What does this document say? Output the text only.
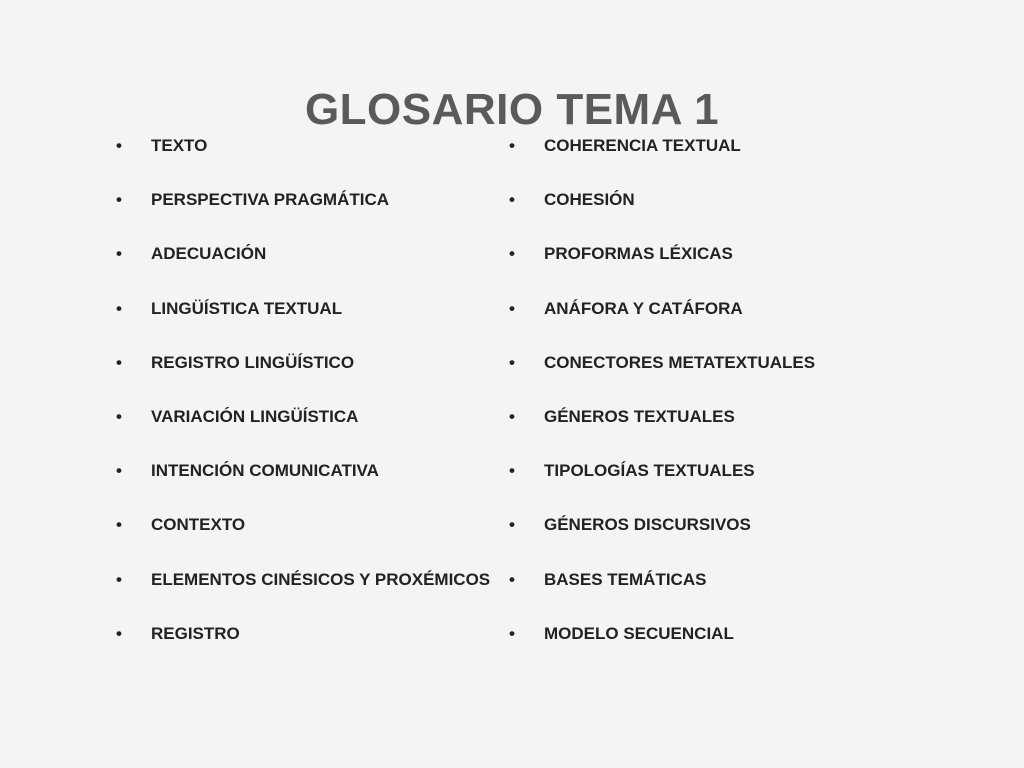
GLOSARIO TEMA 1
•	TEXTO
•	PERSPECTIVA PRAGMÁTICA
•	ADECUACIÓN
•	LINGÜÍSTICA TEXTUAL
•	REGISTRO LINGÜÍSTICO
•	VARIACIÓN LINGÜÍSTICA
•	INTENCIÓN COMUNICATIVA
•	CONTEXTO
•	ELEMENTOS CINÉSICOS Y PROXÉMICOS
•	REGISTRO
•	COHERENCIA TEXTUAL
•	COHESIÓN
•	PROFORMAS LÉXICAS
•	ANÁFORA Y CATÁFORA
•	CONECTORES METATEXTUALES
•	GÉNEROS TEXTUALES
•	TIPOLOGÍAS TEXTUALES
•	GÉNEROS DISCURSIVOS
•	BASES TEMÁTICAS
•	MODELO SECUENCIAL
